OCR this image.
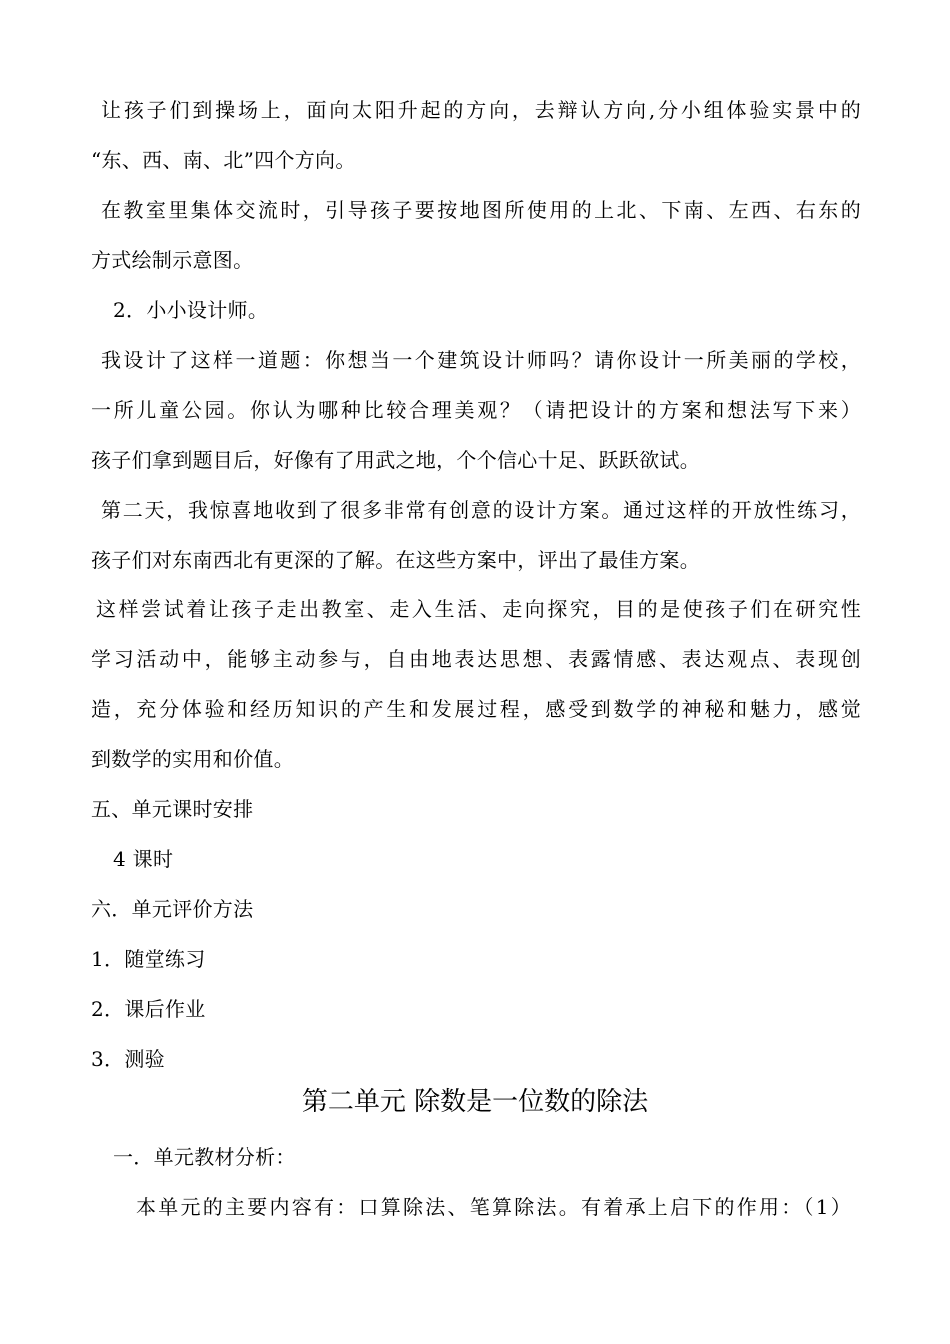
让孩子们到操场上，面向太阳升起的方向，去辩认方向,分小组体验实景中的
“东、西、南、北”四个方向。
在教室里集体交流时，引导孩子要按地图所使用的上北、下南、左西、右东的
方式绘制示意图。
2．小小设计师。
我设计了这样一道题：你想当一个建筑设计师吗？请你设计一所美丽的学校，
一所儿童公园。你认为哪种比较合理美观？（请把设计的方案和想法写下来）
孩子们拿到题目后，好像有了用武之地，个个信心十足、跃跃欲试。
第二天，我惊喜地收到了很多非常有创意的设计方案。通过这样的开放性练习，
孩子们对东南西北有更深的了解。在这些方案中，评出了最佳方案。
这样尝试着让孩子走出教室、走入生活、走向探究，目的是使孩子们在研究性
学习活动中，能够主动参与，自由地表达思想、表露情感、表达观点、表现创
造，充分体验和经历知识的产生和发展过程，感受到数学的神秘和魅力，感觉
到数学的实用和价值。
五、单元课时安排
4 课时
六．单元评价方法
1．随堂练习
2．课后作业
3．测验
第二单元 除数是一位数的除法
一．单元教材分析：
本单元的主要内容有：口算除法、笔算除法。有着承上启下的作用：（1）
